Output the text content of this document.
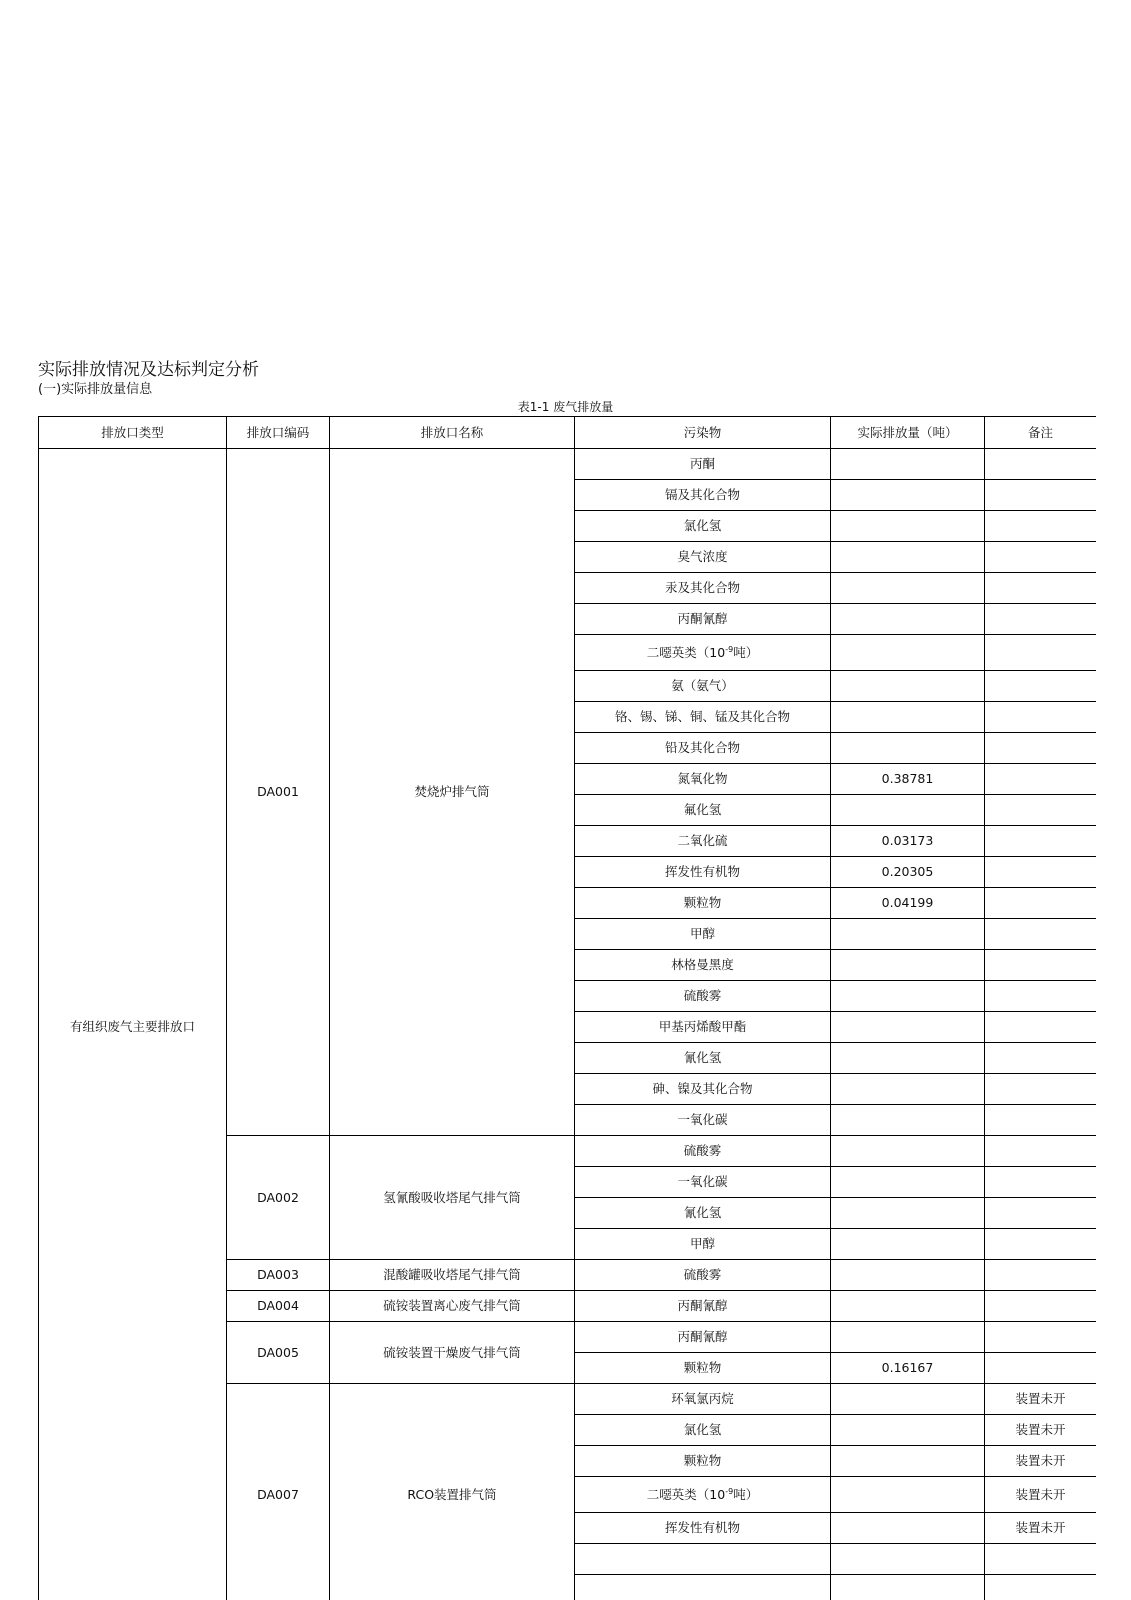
实际排放情况及达标判定分析
(一)实际排放量信息
表1-1 废气排放量
排放口类型	排放口编码	排放口名称	污染物	实际排放量（吨）	备注
有组织废气主要排放口	DA001	焚烧炉排气筒	丙酮		
			镉及其化合物		
			氯化氢		
			臭气浓度		
			汞及其化合物		
			丙酮氰醇		
			二噁英类（$10^{-9}$吨）		
			氨（氨气）		
			铬、锡、锑、铜、锰及其化合物		
			铅及其化合物		
			氮氧化物	0.38781	
			氟化氢		
			二氧化硫	0.03173	
			挥发性有机物	0.20305	
			颗粒物	0.04199	
			甲醇		
			林格曼黑度		
			硫酸雾		
			甲基丙烯酸甲酯		
			氰化氢		
			砷、镍及其化合物		
			一氧化碳		
	DA002	氢氰酸吸收塔尾气排气筒	硫酸雾		
			一氧化碳		
			氰化氢		
			甲醇		
	DA003	混酸罐吸收塔尾气排气筒	硫酸雾		
	DA004	硫铵装置离心废气排气筒	丙酮氰醇		
	DA005	硫铵装置干燥废气排气筒	丙酮氰醇		
			颗粒物	0.16167	
	DA007	RCO装置排气筒	环氧氯丙烷		装置未开
			氯化氢		装置未开
			颗粒物		装置未开
			二噁英类（$10^{-9}$吨）		装置未开
			挥发性有机物		装置未开
